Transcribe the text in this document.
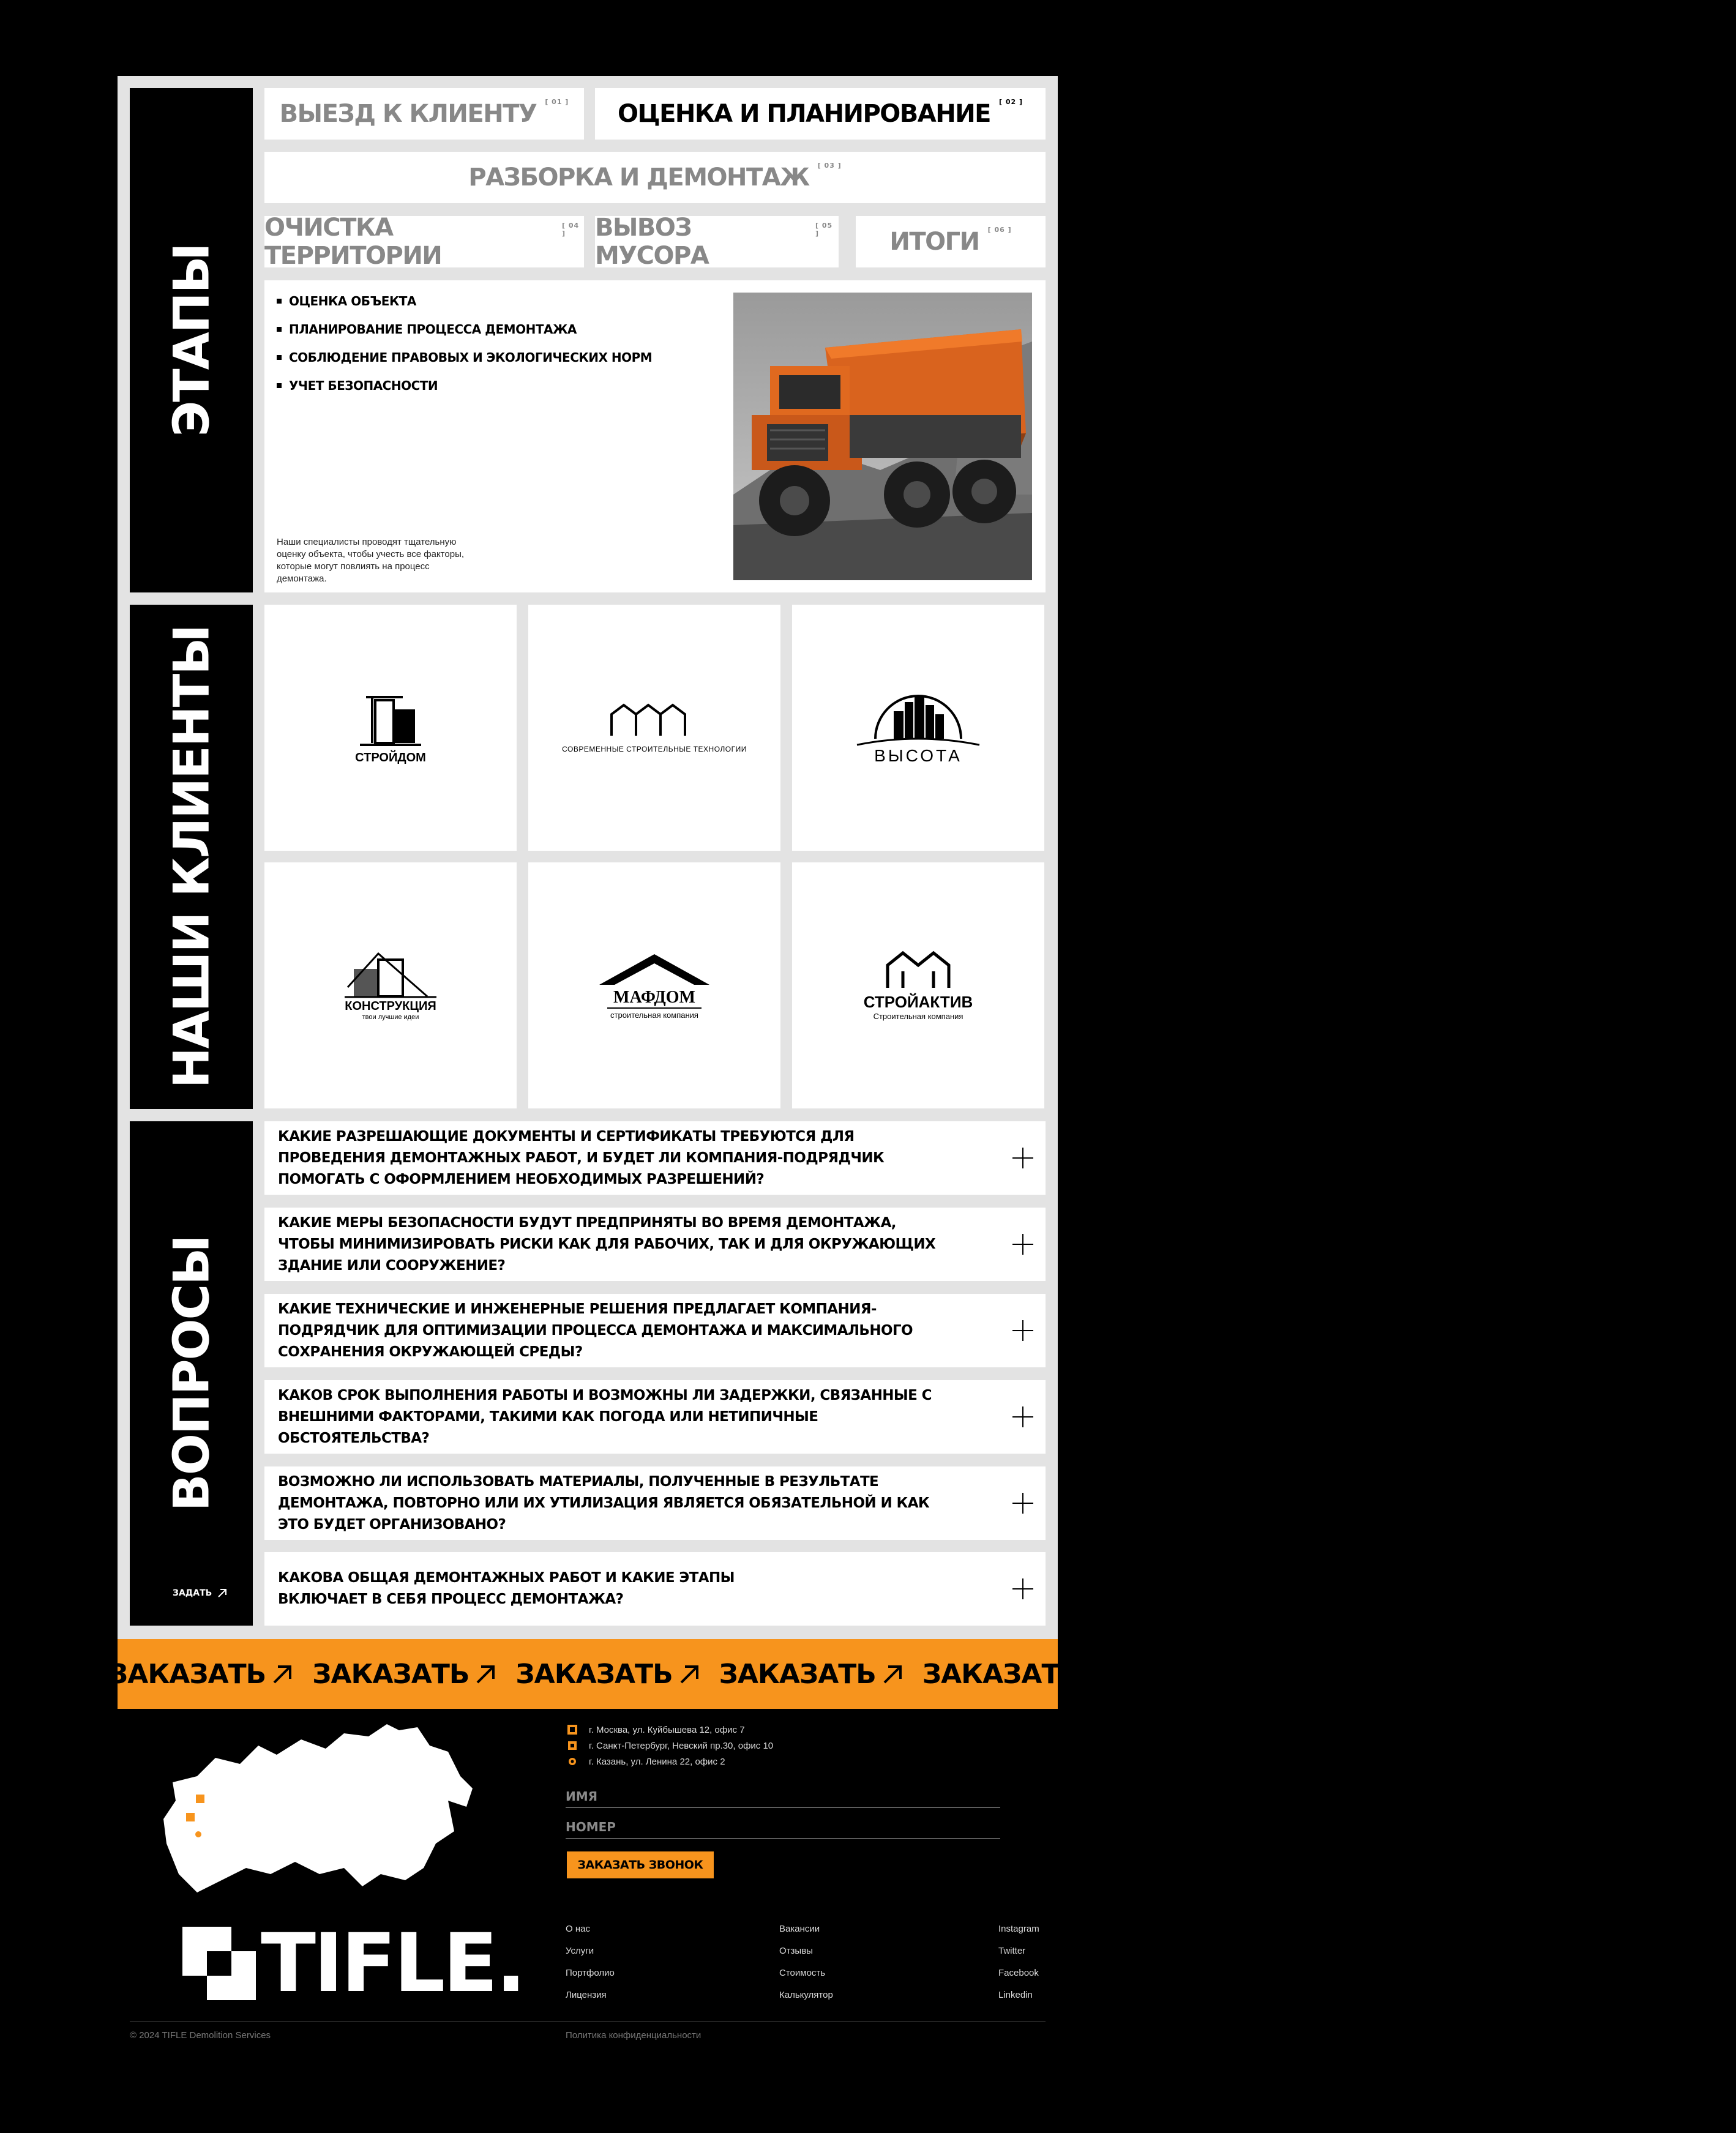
ЭТАПЫ
ВЫЕЗД К КЛИЕНТУ [ 01 ] ОЦЕНКА И ПЛАНИРОВАНИЕ [ 02 ]
РАЗБОРКА И ДЕМОНТАЖ [ 03 ]
ОЧИСТКА ТЕРРИТОРИИ
[ 04 ]	ВЫВОЗ МУСОРА
[ 05 ]	ИТОГИ [ 06 ]
ОЦЕНКА ОБЪЕКТА
ПЛАНИРОВАНИЕ ПРОЦЕССА ДЕМОНТАЖА
СОБЛЮДЕНИЕ ПРАВОВЫХ И ЭКОЛОГИЧЕСКИХ НОРМ
УЧЕТ БЕЗОПАСНОСТИ

Наши специалисты проводят тщательную оценку объекта, чтобы учесть все факторы, которые могут повлиять на процесс демонтажа.

НАШИ КЛИЕНТЫ	СТРОЙДОМ
СОВРЕМЕННЫЕ СТРОИТЕЛЬНЫЕ ТЕХНОЛОГИИ	ВЫСОТА
КОНСТРУКЦИЯ
твои лучшие идеи
МАФДОМ
строительная компания
СТРОЙАКТИВ
Строительная компания
ВОПРОСЫ
ЗАДАТЬ
КАКИЕ РАЗРЕШАЮЩИЕ ДОКУМЕНТЫ И СЕРТИФИКАТЫ ТРЕБУЮТСЯ ДЛЯ ПРОВЕДЕНИЯ ДЕМОНТАЖНЫХ РАБОТ, И БУДЕТ ЛИ КОМПАНИЯ-ПОДРЯДЧИК ПОМОГАТЬ С ОФОРМЛЕНИЕМ НЕОБХОДИМЫХ РАЗРЕШЕНИЙ?
КАКИЕ МЕРЫ БЕЗОПАСНОСТИ БУДУТ ПРЕДПРИНЯТЫ ВО ВРЕМЯ ДЕМОНТАЖА, ЧТОБЫ МИНИМИЗИРОВАТЬ РИСКИ КАК ДЛЯ РАБОЧИХ, ТАК И ДЛЯ ОКРУЖАЮЩИХ ЗДАНИЕ ИЛИ СООРУЖЕНИЕ?
КАКИЕ ТЕХНИЧЕСКИЕ И ИНЖЕНЕРНЫЕ РЕШЕНИЯ ПРЕДЛАГАЕТ КОМПАНИЯ-ПОДРЯДЧИК ДЛЯ ОПТИМИЗАЦИИ ПРОЦЕССА ДЕМОНТАЖА И МАКСИМАЛЬНОГО СОХРАНЕНИЯ ОКРУЖАЮЩЕЙ СРЕДЫ?
КАКОВ СРОК ВЫПОЛНЕНИЯ РАБОТЫ И ВОЗМОЖНЫ ЛИ ЗАДЕРЖКИ, СВЯЗАННЫЕ С ВНЕШНИМИ ФАКТОРАМИ, ТАКИМИ КАК ПОГОДА ИЛИ НЕТИПИЧНЫЕ ОБСТОЯТЕЛЬСТВА?
ВОЗМОЖНО ЛИ ИСПОЛЬЗОВАТЬ МАТЕРИАЛЫ, ПОЛУЧЕННЫЕ В РЕЗУЛЬТАТЕ ДЕМОНТАЖА, ПОВТОРНО ИЛИ ИХ УТИЛИЗАЦИЯ ЯВЛЯЕТСЯ ОБЯЗАТЕЛЬНОЙ И КАК ЭТО БУДЕТ ОРГАНИЗОВАНО?
КАКОВА ОБЩАЯ ДЕМОНТАЖНЫХ РАБОТ И КАКИЕ ЭТАПЫ ВКЛЮЧАЕТ В СЕБЯ ПРОЦЕСС ДЕМОНТАЖА?
ЗАКАЗАТЬ ЗАКАЗАТЬ ЗАКАЗАТЬ ЗАКАЗАТЬ ЗАКАЗАТЬ ЗАКАЗАТЬ ЗАКАЗАТЬ ЗАКАЗАТЬ
г. Москва, ул. Куйбышева 12, офис 7
г. Санкт-Петербург, Невский пр.30, офис 10
г. Казань, ул. Ленина 22, офис 2
ИМЯ
НОМЕР
ЗАКАЗАТЬ ЗВОНОК
TIFLE.	О нас
Услуги
Портфолио
Лицензия
Вакансии
Отзывы
Стоимость
Калькулятор
Instagram
Twitter
Facebook
Linkedin
© 2024 TIFLE Demolition Services	Политика конфиденциальности
